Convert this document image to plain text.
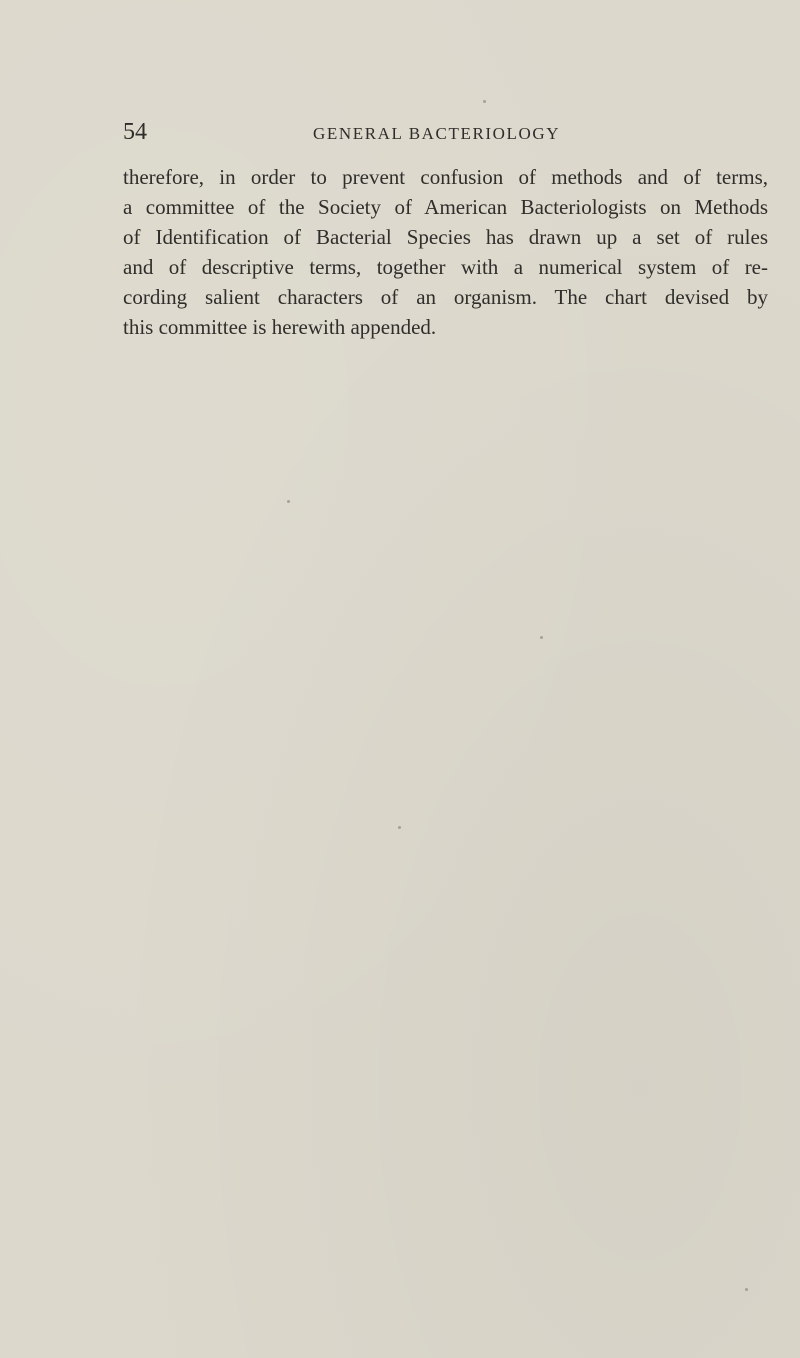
54	GENERAL BACTERIOLOGY
therefore, in order to prevent confusion of methods and of terms,
a committee of the Society of American Bacteriologists on Methods
of Identification of Bacterial Species has drawn up a set of rules
and of descriptive terms, together with a numerical system of re-
cording salient characters of an organism. The chart devised by
this committee is herewith appended.
